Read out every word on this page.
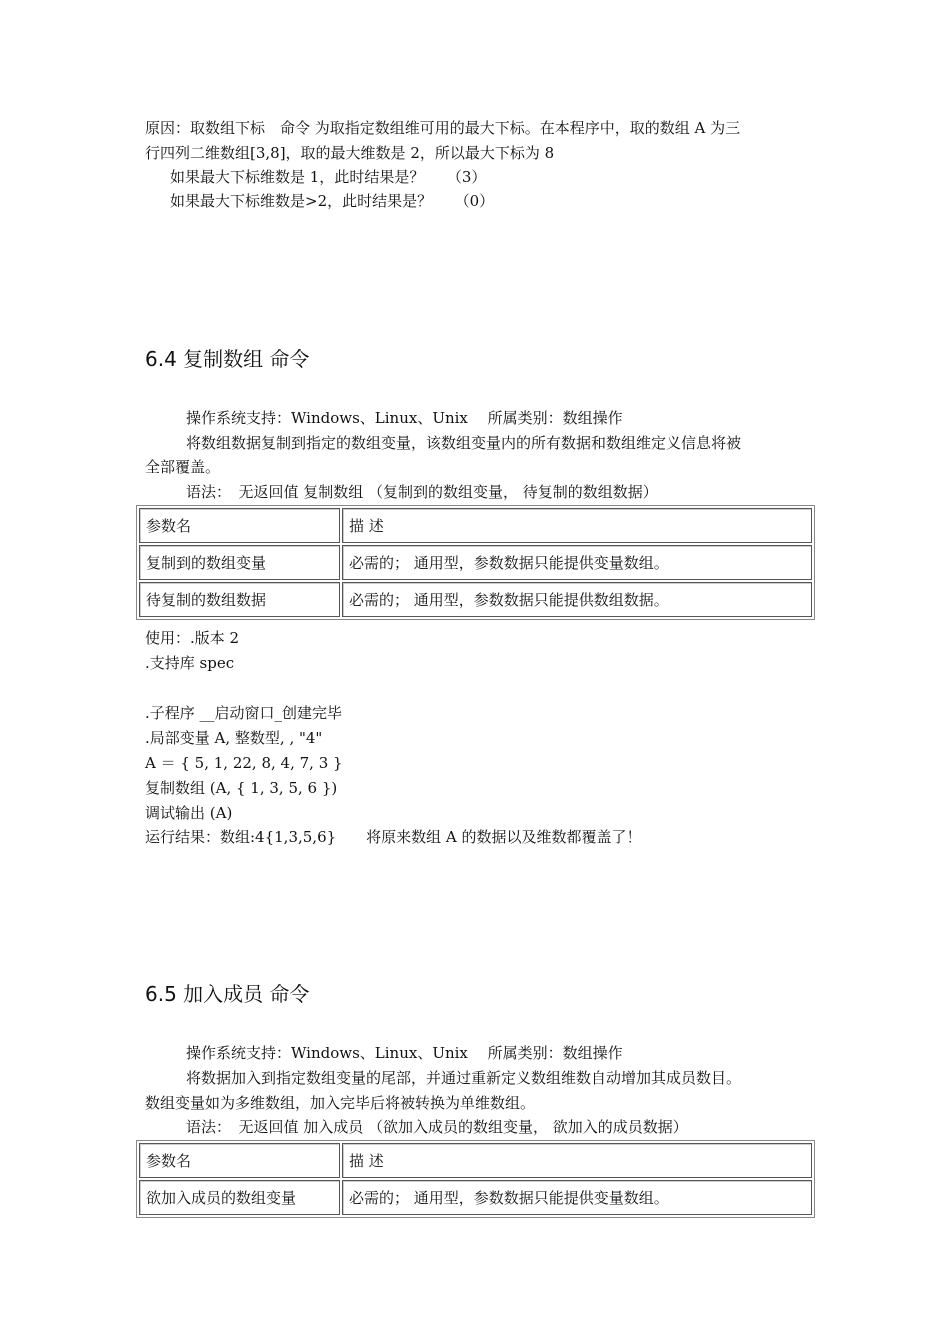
原因：取数组下标　命令 为取指定数组维可用的最大下标。在本程序中，取的数组 A 为三
行四列二维数组[3,8]，取的最大维数是 2，所以最大下标为 8
如果最大下标维数是 1，此时结果是？　　（3）
如果最大下标维数是>2，此时结果是？　　（0）
6.4 复制数组 命令
操作系统支持：Windows、Linux、Unix　 所属类别：数组操作
将数组数据复制到指定的数组变量，该数组变量内的所有数据和数组维定义信息将被
全部覆盖。
语法：　无返回值 复制数组 （复制到的数组变量， 待复制的数组数据）
参数名	描 述
复制到的数组变量	必需的； 通用型，参数数据只能提供变量数组。
待复制的数组数据	必需的； 通用型，参数数据只能提供数组数据。
使用：.版本 2
.支持库 spec
.子程序 __启动窗口_创建完毕
.局部变量 A, 整数型, , "4"
A ＝ { 5, 1, 22, 8, 4, 7, 3 }
复制数组 (A, { 1, 3, 5, 6 })
调试输出 (A)
运行结果：数组:4{1,3,5,6}　　将原来数组 A 的数据以及维数都覆盖了！
6.5 加入成员 命令
操作系统支持：Windows、Linux、Unix　 所属类别：数组操作
将数据加入到指定数组变量的尾部，并通过重新定义数组维数自动增加其成员数目。
数组变量如为多维数组，加入完毕后将被转换为单维数组。
语法：　无返回值 加入成员 （欲加入成员的数组变量， 欲加入的成员数据）
参数名	描 述
欲加入成员的数组变量	必需的； 通用型，参数数据只能提供变量数组。
